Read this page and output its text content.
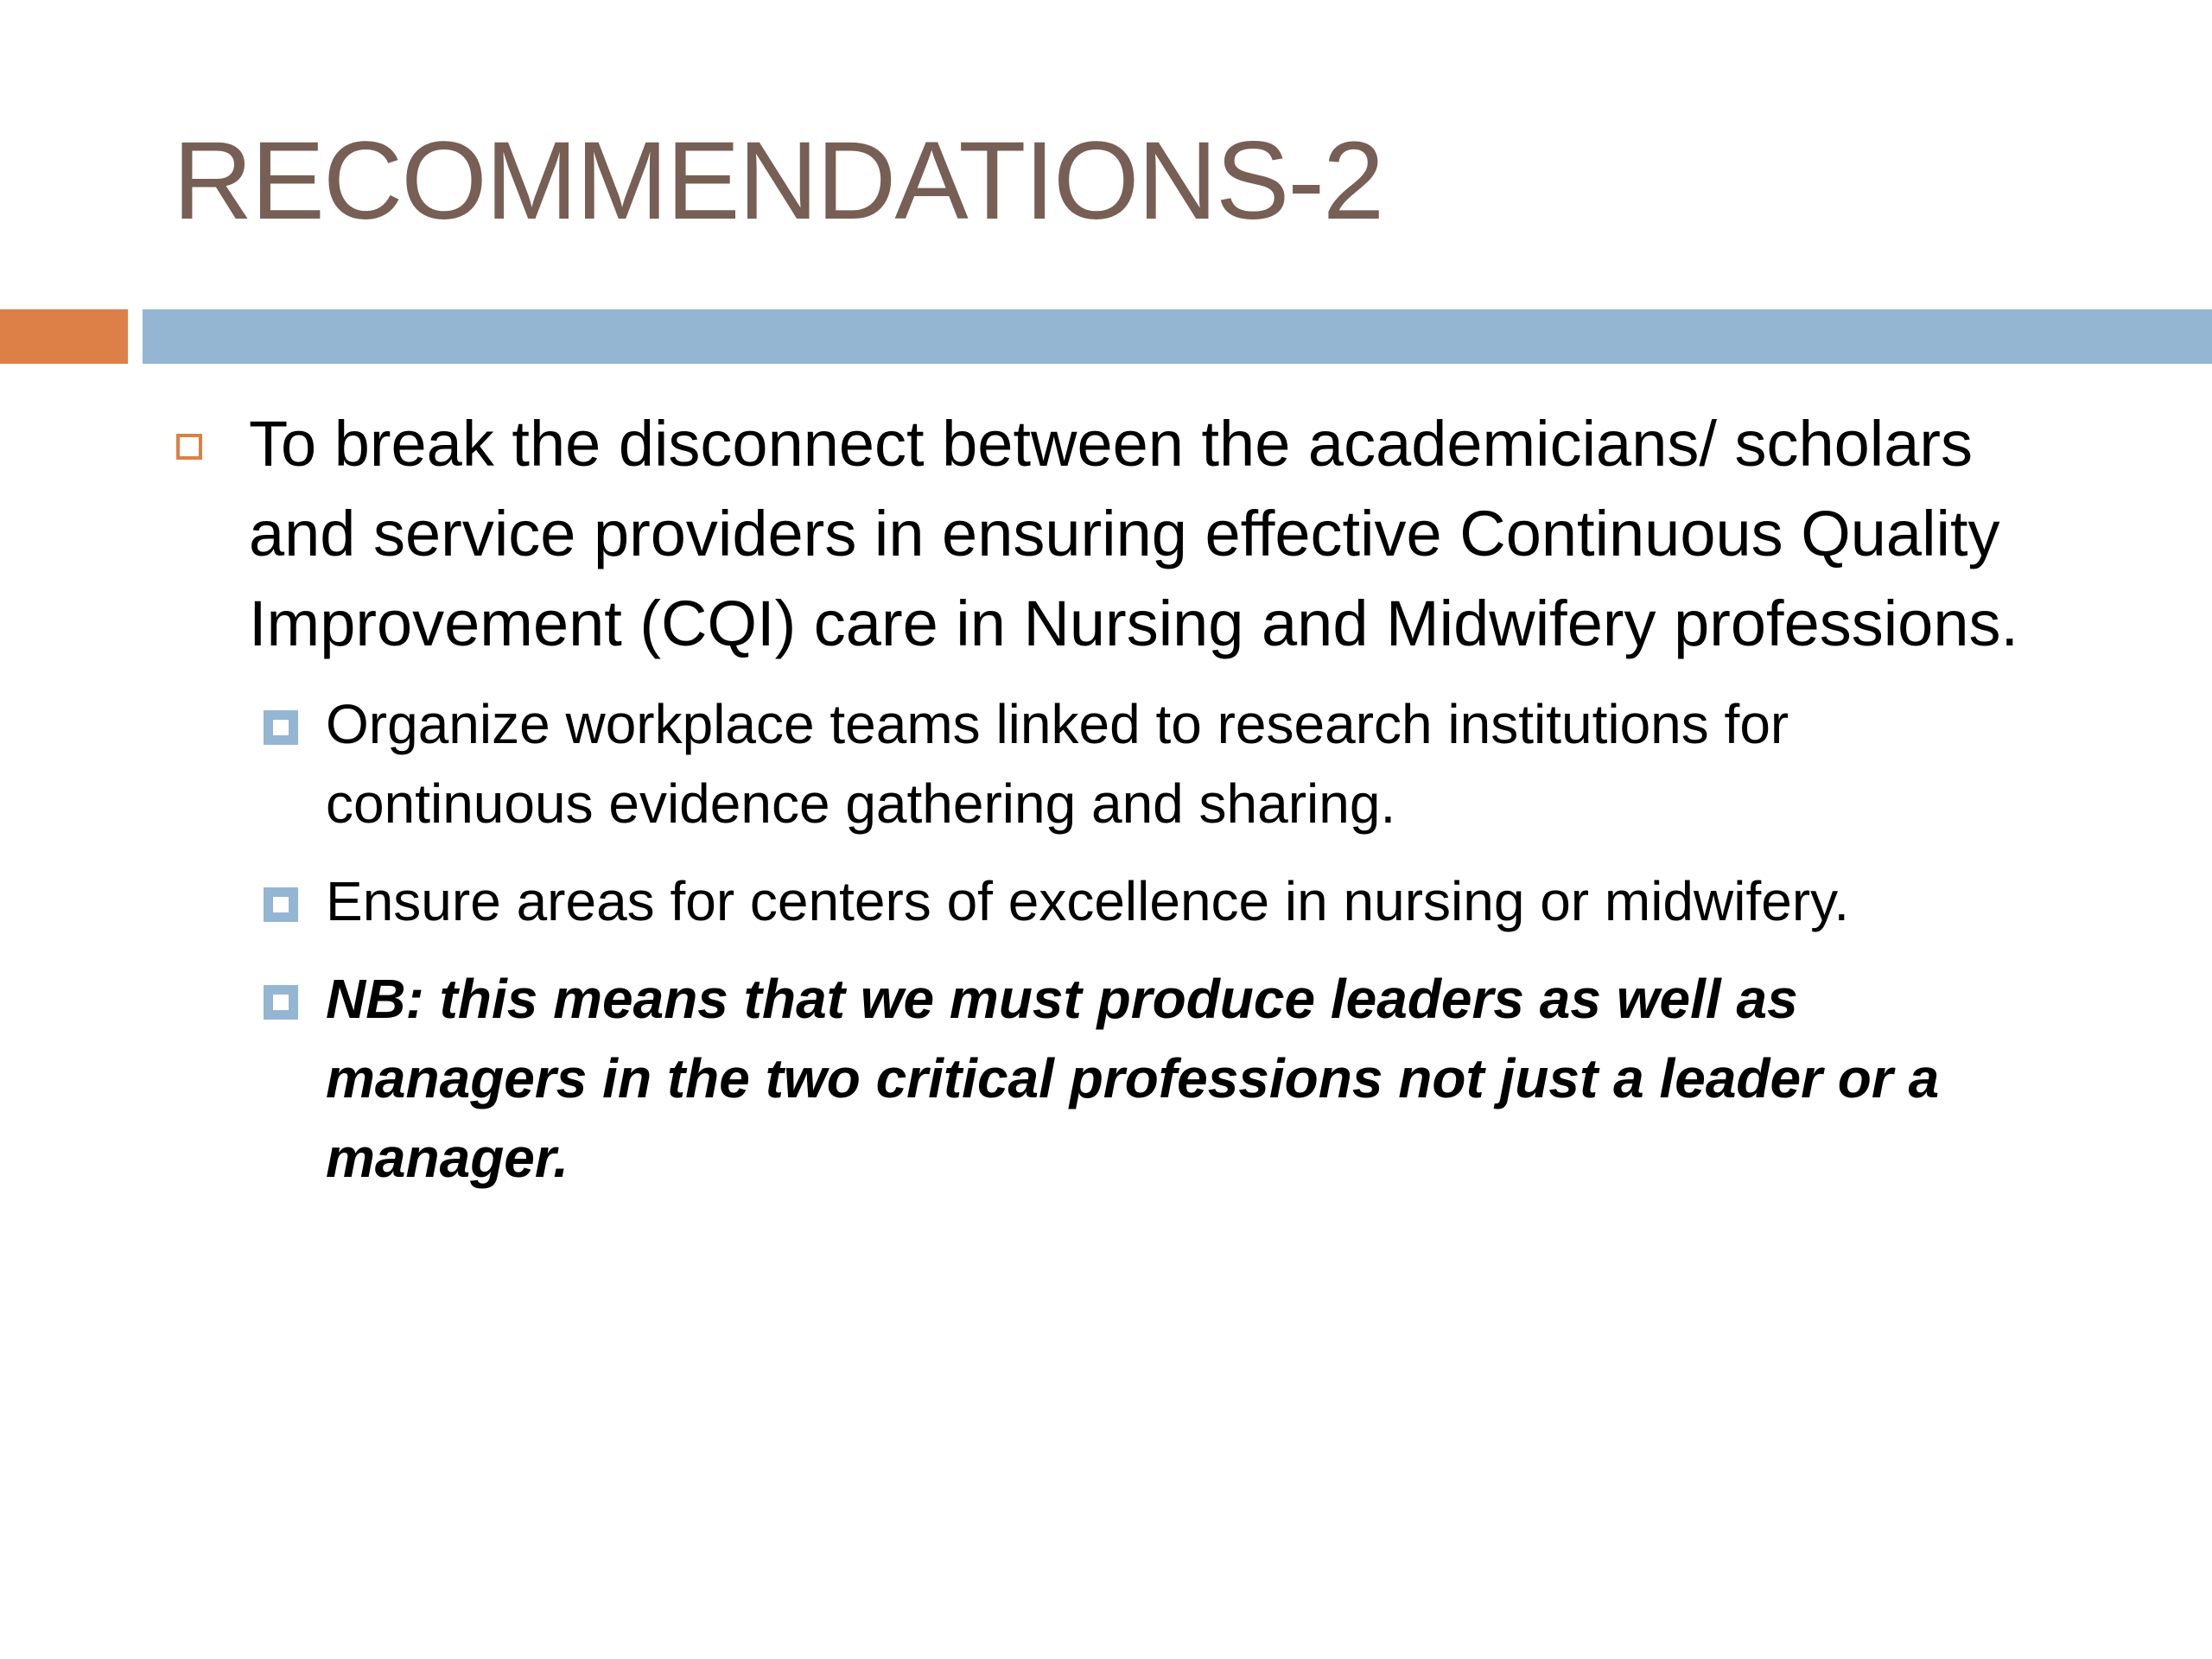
RECOMMENDATIONS-2
To break the disconnect between the academicians/ scholars and service providers in ensuring effective Continuous Quality Improvement (CQI) care in Nursing and Midwifery professions.
Organize workplace teams linked to research institutions for continuous evidence gathering and sharing.
Ensure areas for centers of excellence in nursing or midwifery.
NB: this means that we must produce leaders as well as managers in the two critical professions not just a leader or a manager.
